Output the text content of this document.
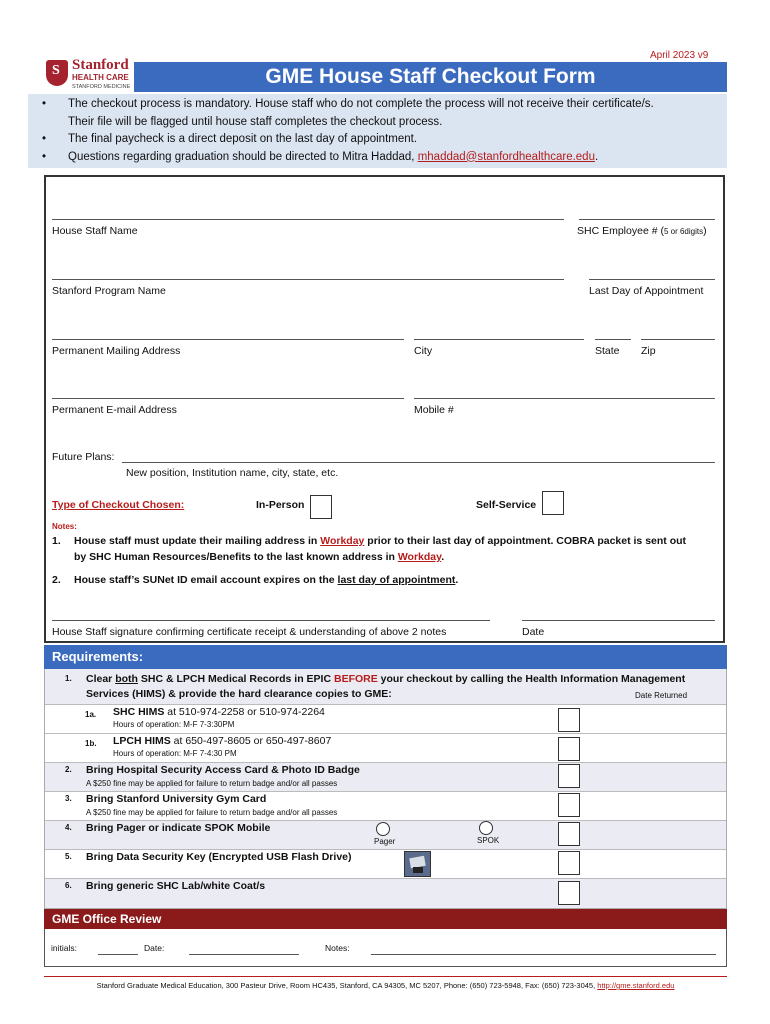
April 2023 v9
S
Stanford
HEALTH CARE
STANFORD MEDICINE	GME House Staff Checkout Form
• The checkout process is mandatory. House staff who do not complete the process will not receive their certificate/s.
Their file will be flagged until house staff completes the checkout process.
• The final paycheck is a direct deposit on the last day of appointment.
• Questions regarding graduation should be directed to Mitra Haddad, mhaddad@stanfordhealthcare.edu.
House Staff Name	SHC Employee # (5 or 6digits)
Stanford Program Name	Last Day of Appointment
Permanent Mailing Address	City	State Zip
Permanent E-mail Address	Mobile #
Future Plans:
New position, Institution name, city, state, etc.
Type of Checkout Chosen:	In-Person	Self-Service
Notes:
1. House staff must update their mailing address in Workday prior to their last day of appointment. COBRA packet is sent out
by SHC Human Resources/Benefits to the last known address in Workday.
2. House staff’s SUNet ID email account expires on the last day of appointment.
House Staff signature confirming certificate receipt & understanding of above 2 notes	Date
Requirements:
1. Clear both SHC & LPCH Medical Records in EPIC BEFORE your checkout by calling the Health Information Management
Services (HIMS) & provide the hard clearance copies to GME:	Date Returned
1a. SHC HIMS at 510-974-2258 or 510-974-2264
Hours of operation: M-F 7-3:30PM
1b. LPCH HIMS at 650-497-8605 or 650-497-8607
Hours of operation: M-F 7-4:30 PM
2. Bring Hospital Security Access Card & Photo ID Badge
A $250 fine may be applied for failure to return badge and/or all passes
3. Bring Stanford University Gym Card
A $250 fine may be applied for failure to return badge and/or all passes
4. Bring Pager or indicate SPOK Mobile
Pager	SPOK
5. Bring Data Security Key (Encrypted USB Flash Drive)
6. Bring generic SHC Lab/white Coat/s
GME Office Review
initials:	Date:	Notes:
Stanford Graduate Medical Education, 300 Pasteur Drive, Room HC435, Stanford, CA 94305, MC 5207, Phone: (650) 723-5948, Fax: (650) 723-3045, http://gme.stanford.edu
